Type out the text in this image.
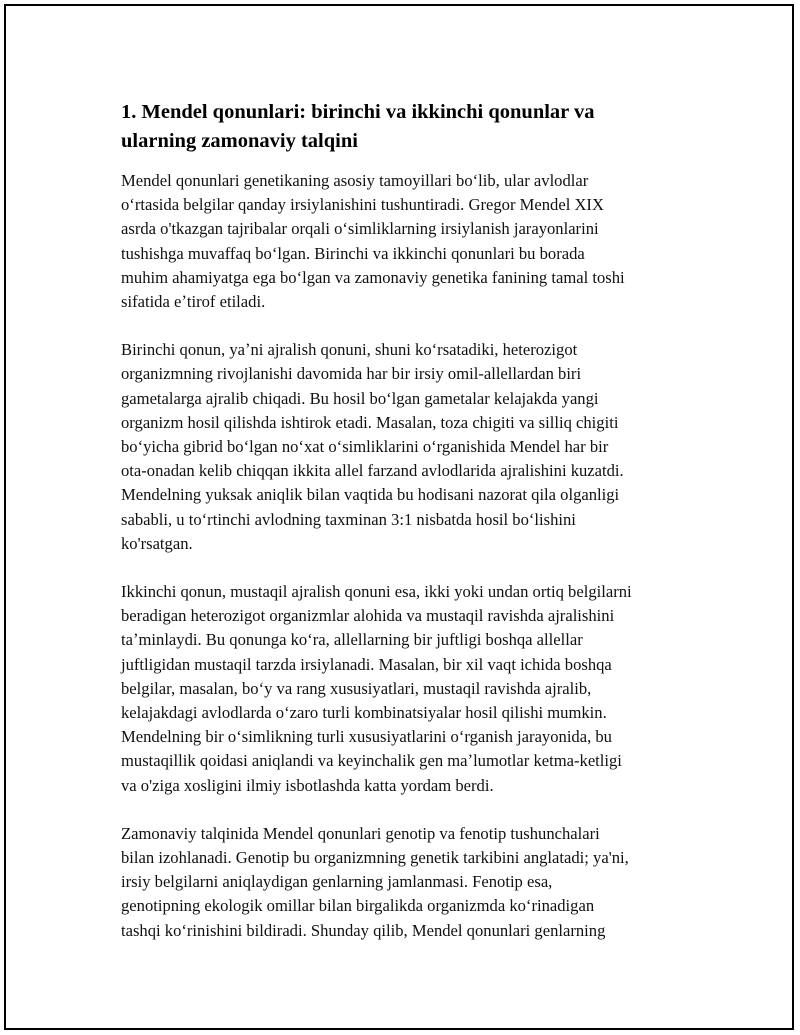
1. Mendel qonunlari: birinchi va ikkinchi qonunlar va
ularning zamonaviy talqini

Mendel qonunlari genetikaning asosiy tamoyillari boʻlib, ular avlodlar
oʻrtasida belgilar qanday irsiylanishini tushuntiradi. Gregor Mendel XIX
asrda o'tkazgan tajribalar orqali oʻsimliklarning irsiylanish jarayonlarini
tushishga muvaffaq boʻlgan. Birinchi va ikkinchi qonunlari bu borada
muhim ahamiyatga ega boʻlgan va zamonaviy genetika fanining tamal toshi
sifatida eʼtirof etiladi.

Birinchi qonun, yaʼni ajralish qonuni, shuni koʻrsatadiki, heterozigot
organizmning rivojlanishi davomida har bir irsiy omil-allellardan biri
gametalarga ajralib chiqadi. Bu hosil boʻlgan gametalar kelajakda yangi
organizm hosil qilishda ishtirok etadi. Masalan, toza chigiti va silliq chigiti
boʻyicha gibrid boʻlgan noʻxat oʻsimliklarini oʻrganishida Mendel har bir
ota-onadan kelib chiqqan ikkita allel farzand avlodlarida ajralishini kuzatdi.
Mendelning yuksak aniqlik bilan vaqtida bu hodisani nazorat qila olganligi
sababli, u toʻrtinchi avlodning taxminan 3:1 nisbatda hosil boʻlishini
ko'rsatgan.

Ikkinchi qonun, mustaqil ajralish qonuni esa, ikki yoki undan ortiq belgilarni
beradigan heterozigot organizmlar alohida va mustaqil ravishda ajralishini
taʼminlaydi. Bu qonunga koʻra, allellarning bir juftligi boshqa allellar
juftligidan mustaqil tarzda irsiylanadi. Masalan, bir xil vaqt ichida boshqa
belgilar, masalan, boʻy va rang xususiyatlari, mustaqil ravishda ajralib,
kelajakdagi avlodlarda oʻzaro turli kombinatsiyalar hosil qilishi mumkin.
Mendelning bir oʻsimlikning turli xususiyatlarini oʻrganish jarayonida, bu
mustaqillik qoidasi aniqlandi va keyinchalik gen maʼlumotlar ketma-ketligi
va o'ziga xosligini ilmiy isbotlashda katta yordam berdi.

Zamonaviy talqinida Mendel qonunlari genotip va fenotip tushunchalari
bilan izohlanadi. Genotip bu organizmning genetik tarkibini anglatadi; ya'ni,
irsiy belgilarni aniqlaydigan genlarning jamlanmasi. Fenotip esa,
genotipning ekologik omillar bilan birgalikda organizmda koʻrinadigan
tashqi koʻrinishini bildiradi. Shunday qilib, Mendel qonunlari genlarning
